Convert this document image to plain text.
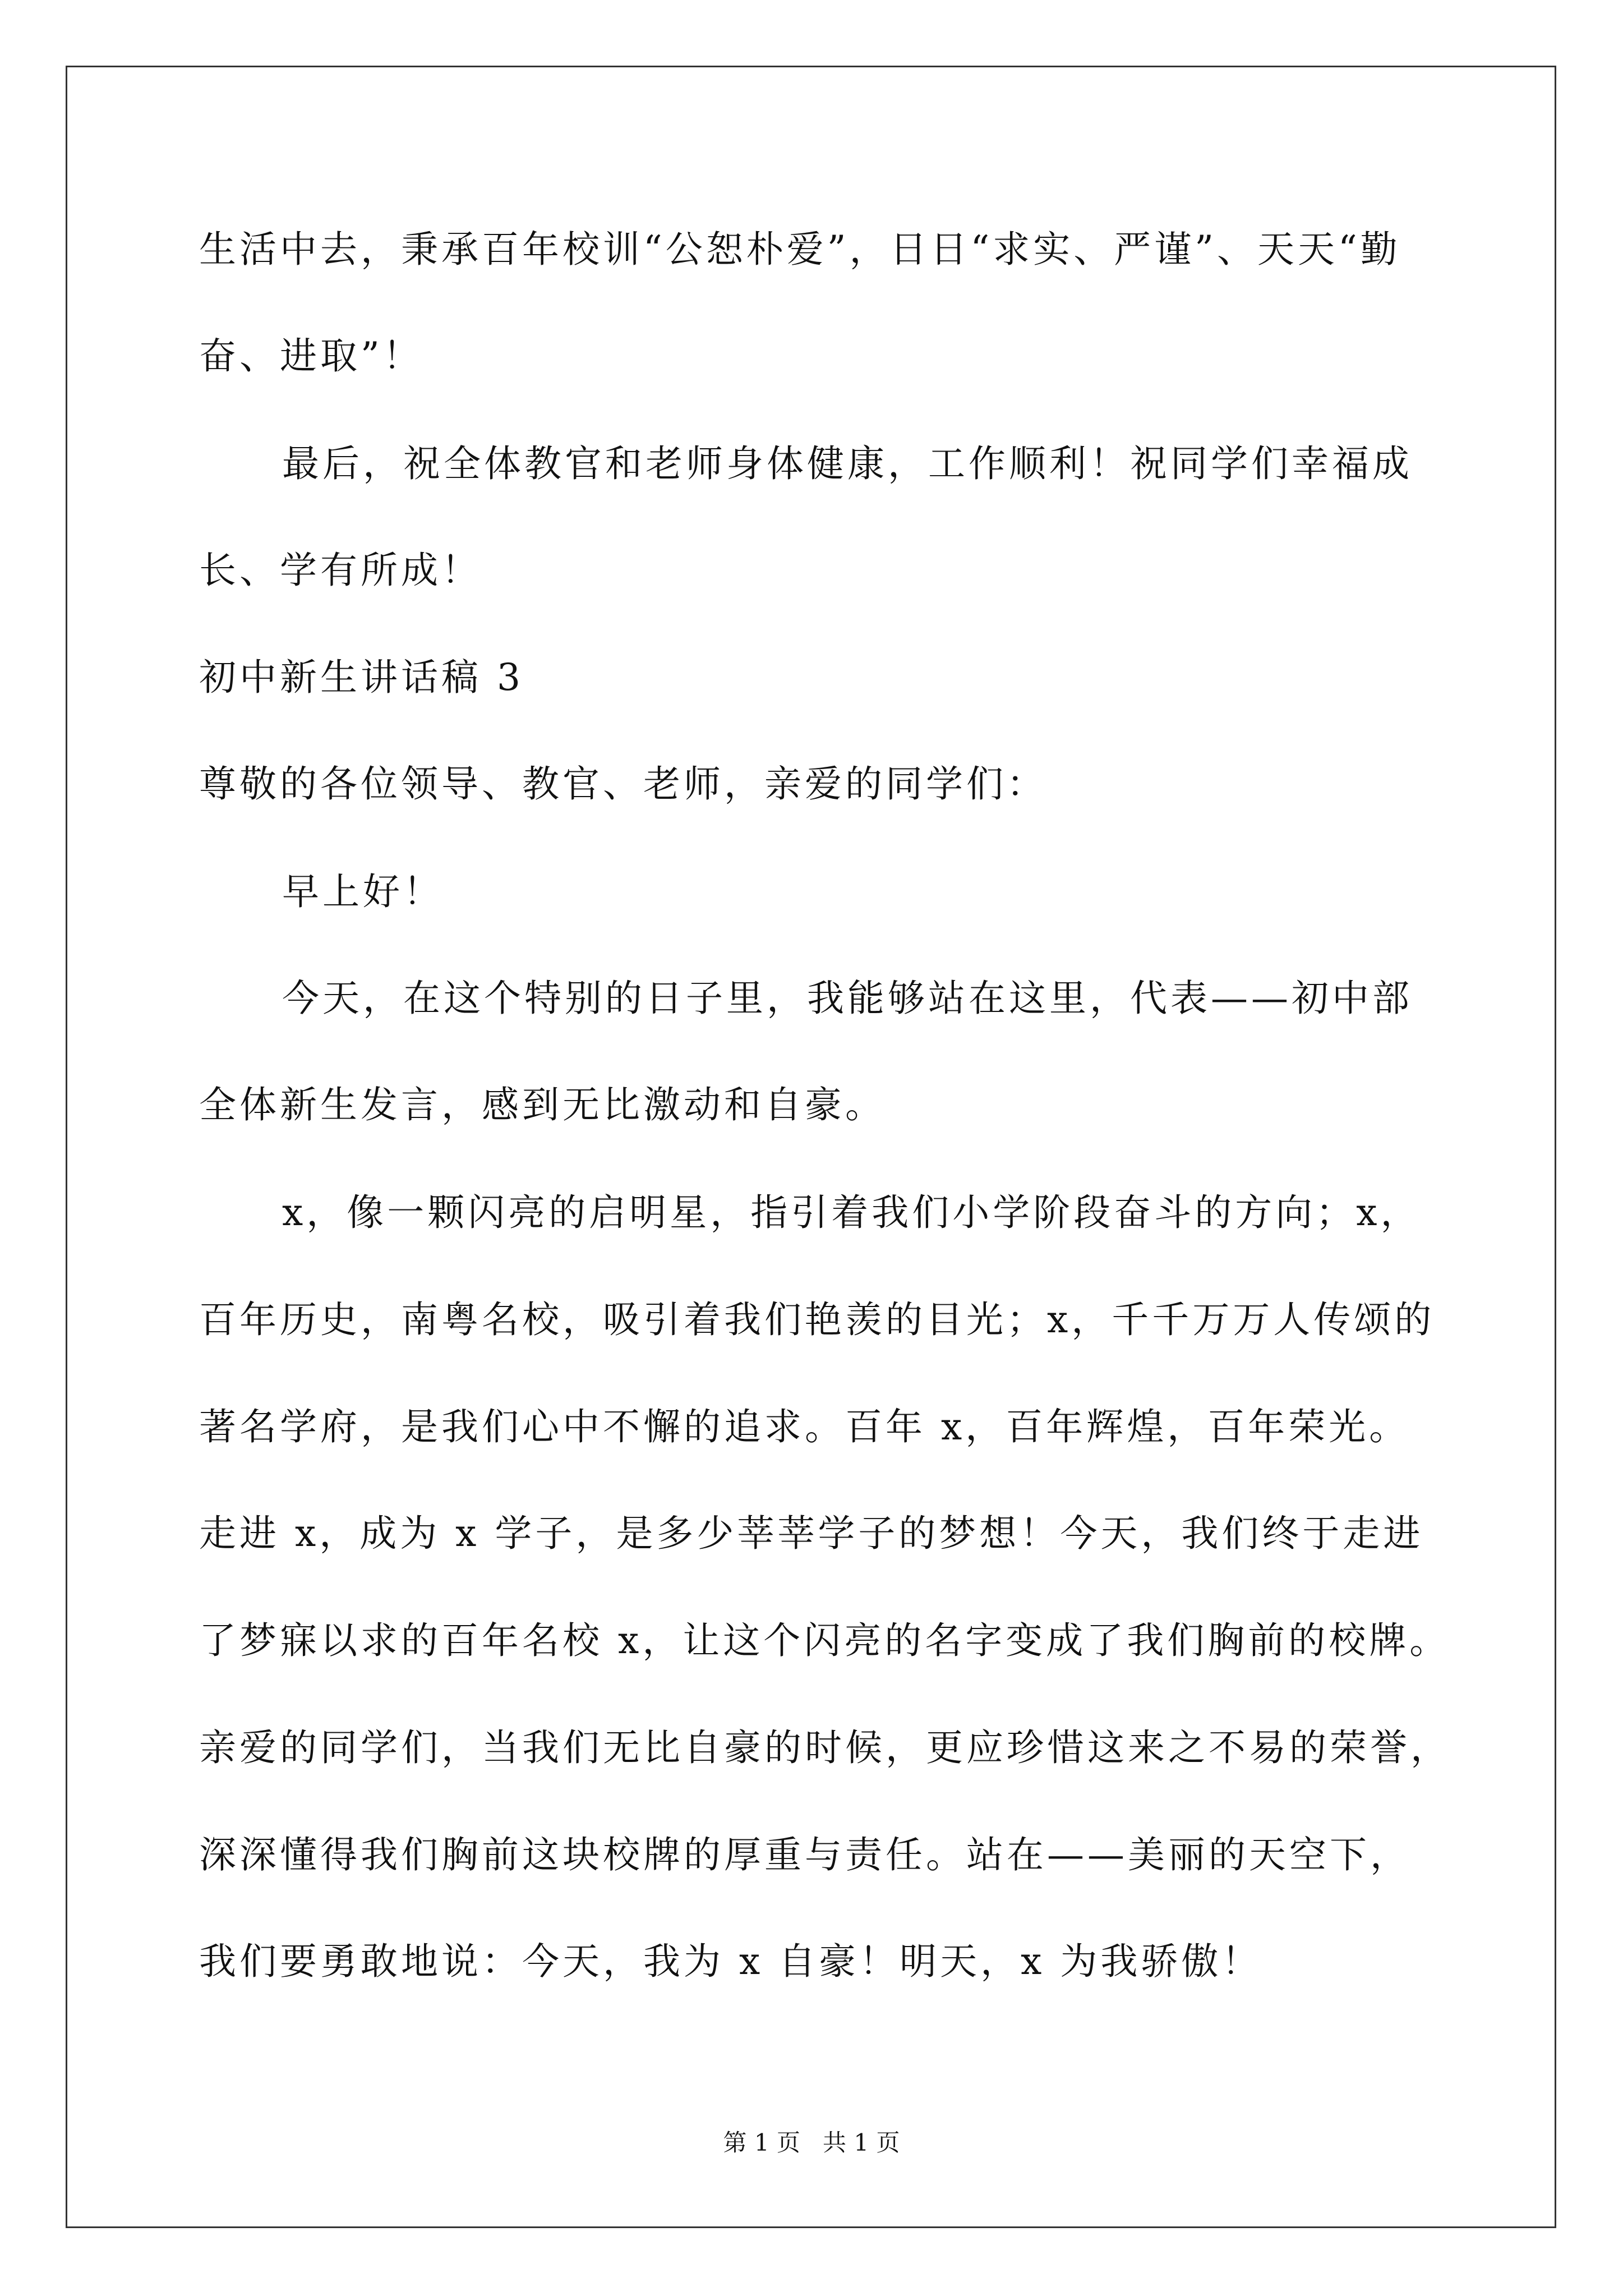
生活中去，秉承百年校训“公恕朴爱”，日日“求实、严谨”、天天“勤
奋、进取”！
最后，祝全体教官和老师身体健康，工作顺利！祝同学们幸福成
长、学有所成！
初中新生讲话稿 3
尊敬的各位领导、教官、老师，亲爱的同学们：
早上好！
今天，在这个特别的日子里，我能够站在这里，代表——初中部
全体新生发言，感到无比激动和自豪。
x，像一颗闪亮的启明星，指引着我们小学阶段奋斗的方向；x，
百年历史，南粤名校，吸引着我们艳羡的目光；x，千千万万人传颂的
著名学府，是我们心中不懈的追求。百年 x，百年辉煌，百年荣光。
走进 x，成为 x 学子，是多少莘莘学子的梦想！今天，我们终于走进
了梦寐以求的百年名校 x，让这个闪亮的名字变成了我们胸前的校牌。
亲爱的同学们，当我们无比自豪的时候，更应珍惜这来之不易的荣誉，
深深懂得我们胸前这块校牌的厚重与责任。站在——美丽的天空下，
我们要勇敢地说：今天，我为 x 自豪！明天，x 为我骄傲！
第 1 页   共 1 页
